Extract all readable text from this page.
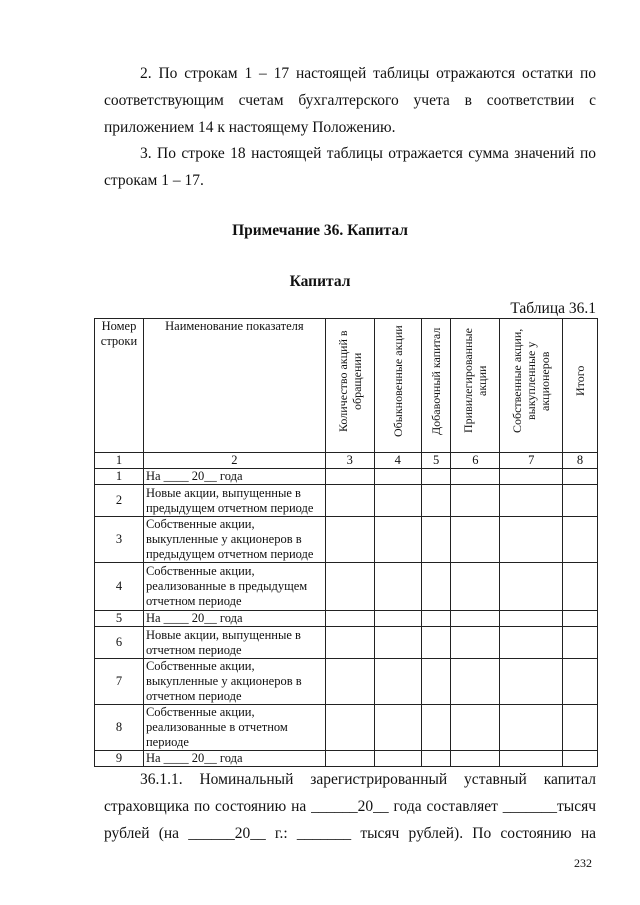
2. По строкам 1 – 17 настоящей таблицы отражаются остатки по
соответствующим счетам бухгалтерского учета в соответствии с
приложением 14 к настоящему Положению.
3. По строке 18 настоящей таблицы отражается сумма значений по
строкам 1 – 17.
Примечание 36. Капитал
Капитал
Таблица 36.1
Номер строки	Наименование показателя	Количество акций в обращении	Обыкновенные акции	Добавочный капитал	Привилегированные акции	Собственные акции, выкупленные у акционеров	Итого

1	2	3	4	5	6	7	8
1	На ____ 20__ года						
2	Новые акции, выпущенные в предыдущем отчетном периоде						
3	Собственные акции, выкупленные у акционеров в предыдущем отчетном периоде						
4	Собственные акции, реализованные в предыдущем отчетном периоде						
5	На ____ 20__ года						
6	Новые акции, выпущенные в отчетном периоде						
7	Собственные акции, выкупленные у акционеров в отчетном периоде						
8	Собственные акции, реализованные в отчетном периоде						
9	На ____ 20__ года						
36.1.1. Номинальный зарегистрированный уставный капитал
страховщика по состоянию на ______20__ года составляет _______тысяч
рублей (на ______20__ г.: _______ тысяч рублей). По состоянию на
232
